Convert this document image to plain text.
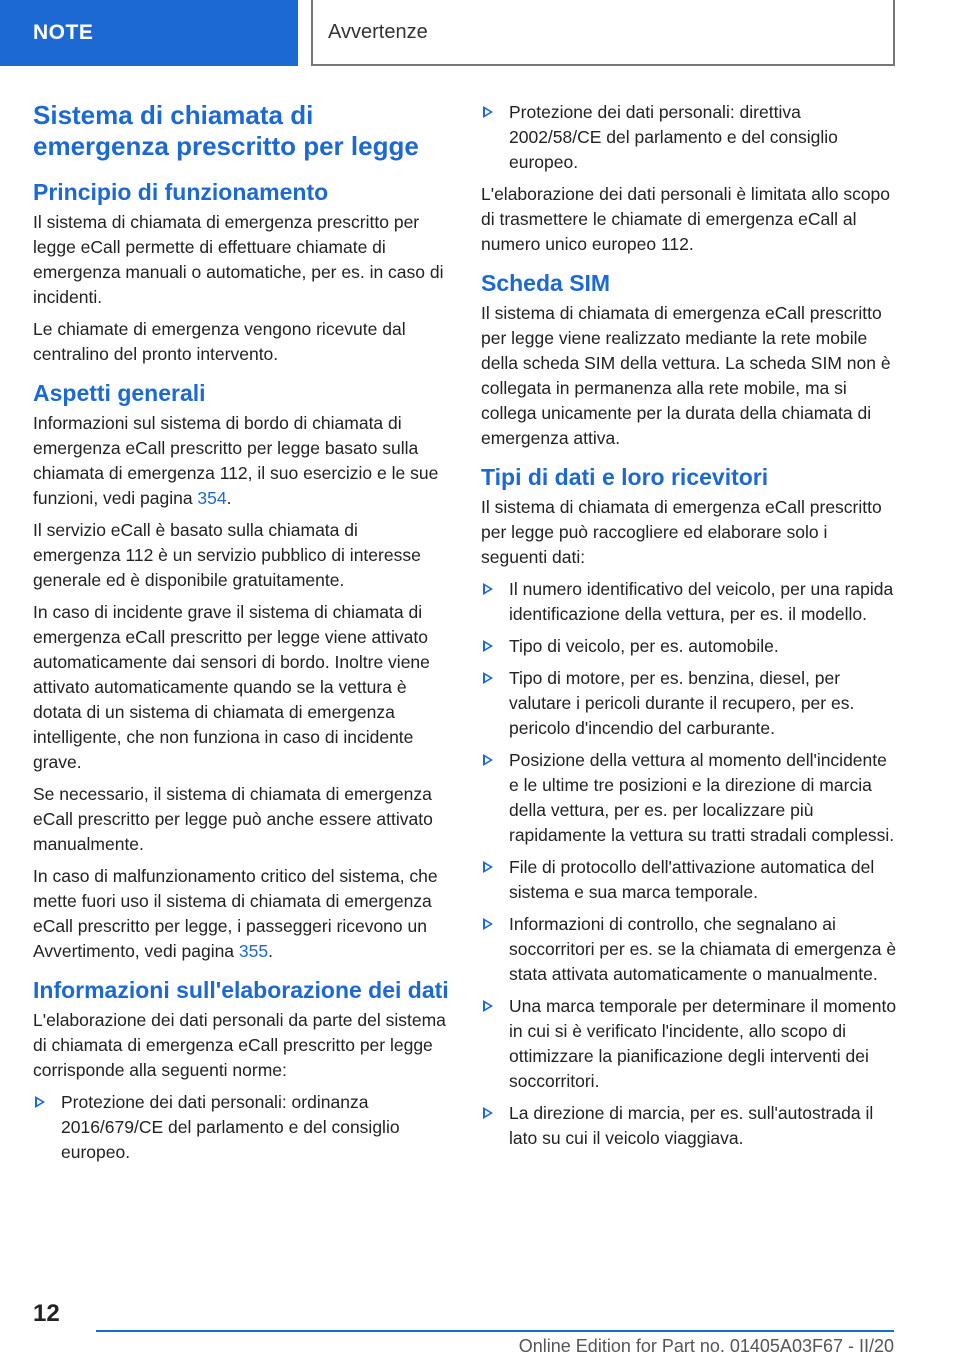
NOTE	Avvertenze
Sistema di chiamata di emergenza prescritto per legge
Principio di funzionamento

Il sistema di chiamata di emergenza prescritto per legge eCall permette di effettuare chiamate di emergenza manuali o automatiche, per es. in caso di incidenti.

Le chiamate di emergenza vengono ricevute dal centralino del pronto intervento.

Aspetti generali

Informazioni sul sistema di bordo di chiamata di emergenza eCall prescritto per legge basato sulla chiamata di emergenza 112, il suo esercizio e le sue funzioni, vedi pagina 354.

Il servizio eCall è basato sulla chiamata di emergenza 112 è un servizio pubblico di interesse generale ed è disponibile gratuitamente.

In caso di incidente grave il sistema di chiamata di emergenza eCall prescritto per legge viene attivato automaticamente dai sensori di bordo. Inoltre viene attivato automaticamente quando se la vettura è dotata di un sistema di chiamata di emergenza intelligente, che non funziona in caso di incidente grave.

Se necessario, il sistema di chiamata di emergenza eCall prescritto per legge può anche essere attivato manualmente.

In caso di malfunzionamento critico del sistema, che mette fuori uso il sistema di chiamata di emergenza eCall prescritto per legge, i passeggeri ricevono un Avvertimento, vedi pagina 355.

Informazioni sull'elaborazione dei dati

L'elaborazione dei dati personali da parte del sistema di chiamata di emergenza eCall prescritto per legge corrisponde alla seguenti norme:

Protezione dei dati personali: ordinanza 2016/679/CE del parlamento e del consiglio europeo.
Protezione dei dati personali: direttiva 2002/58/CE del parlamento e del consiglio europeo.

L'elaborazione dei dati personali è limitata allo scopo di trasmettere le chiamate di emergenza eCall al numero unico europeo 112.

Scheda SIM

Il sistema di chiamata di emergenza eCall prescritto per legge viene realizzato mediante la rete mobile della scheda SIM della vettura. La scheda SIM non è collegata in permanenza alla rete mobile, ma si collega unicamente per la durata della chiamata di emergenza attiva.

Tipi di dati e loro ricevitori

Il sistema di chiamata di emergenza eCall prescritto per legge può raccogliere ed elaborare solo i seguenti dati:

Il numero identificativo del veicolo, per una rapida identificazione della vettura, per es. il modello.
Tipo di veicolo, per es. automobile.
Tipo di motore, per es. benzina, diesel, per valutare i pericoli durante il recupero, per es. pericolo d'incendio del carburante.
Posizione della vettura al momento dell'incidente e le ultime tre posizioni e la direzione di marcia della vettura, per es. per localizzare più rapidamente la vettura su tratti stradali complessi.
File di protocollo dell'attivazione automatica del sistema e sua marca temporale.
Informazioni di controllo, che segnalano ai soccorritori per es. se la chiamata di emergenza è stata attivata automaticamente o manualmente.
Una marca temporale per determinare il momento in cui si è verificato l'incidente, allo scopo di ottimizzare la pianificazione degli interventi dei soccorritori.
La direzione di marcia, per es. sull'autostrada il lato su cui il veicolo viaggiava.
12
Online Edition for Part no. 01405A03F67 - II/20
